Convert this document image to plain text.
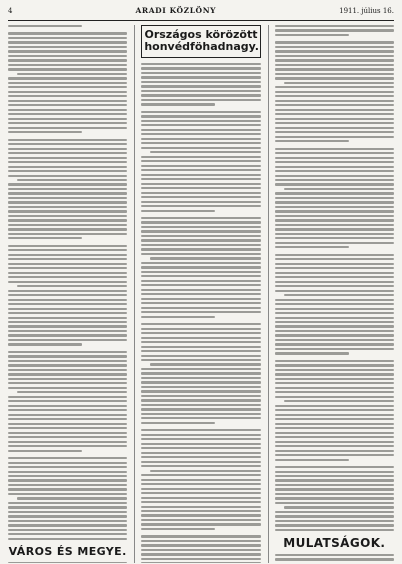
4	ARADI KÖZLÖNY	1911. július 16.
VÁROS ÉS MEGYE.
Országos körözött honvédföhadnagy.
MULATSÁGOK.
